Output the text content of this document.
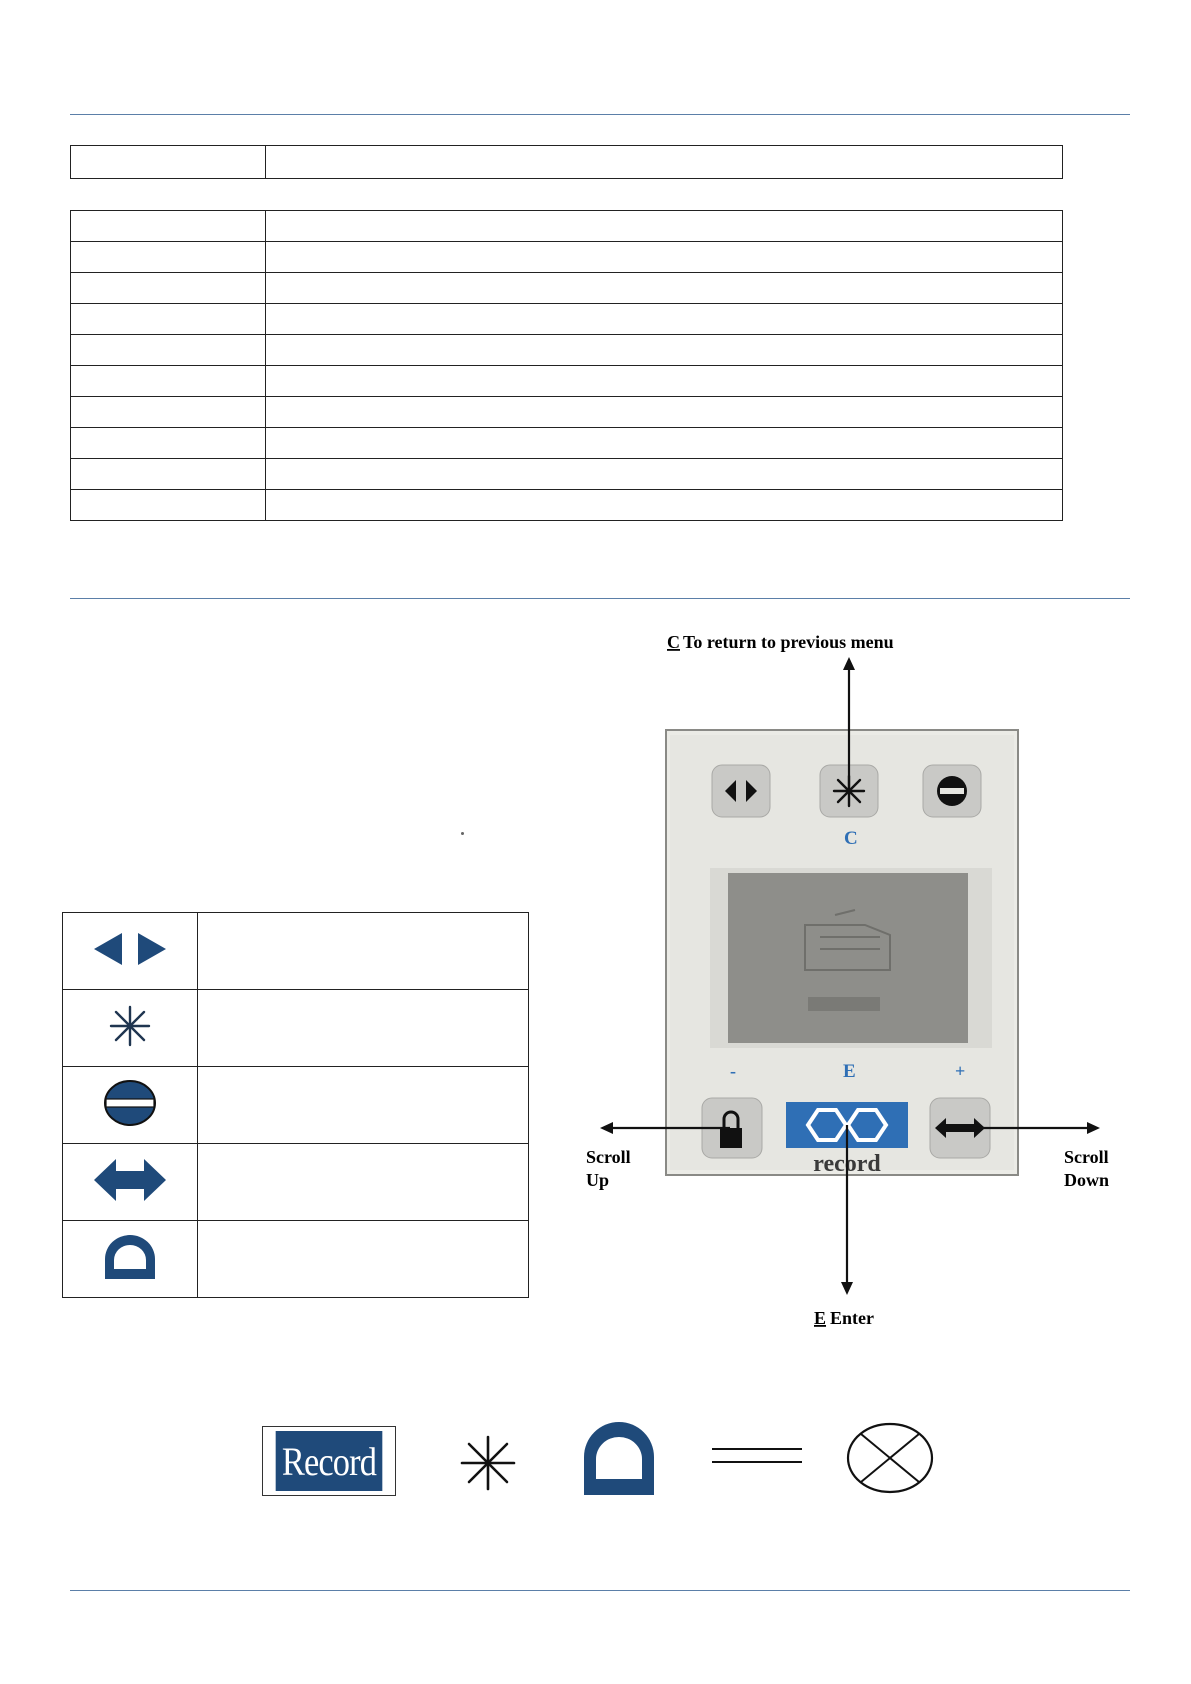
C To return to previous menu
C
-	E	+
record
Scroll
Up
Scroll
Down
E Enter
Record
